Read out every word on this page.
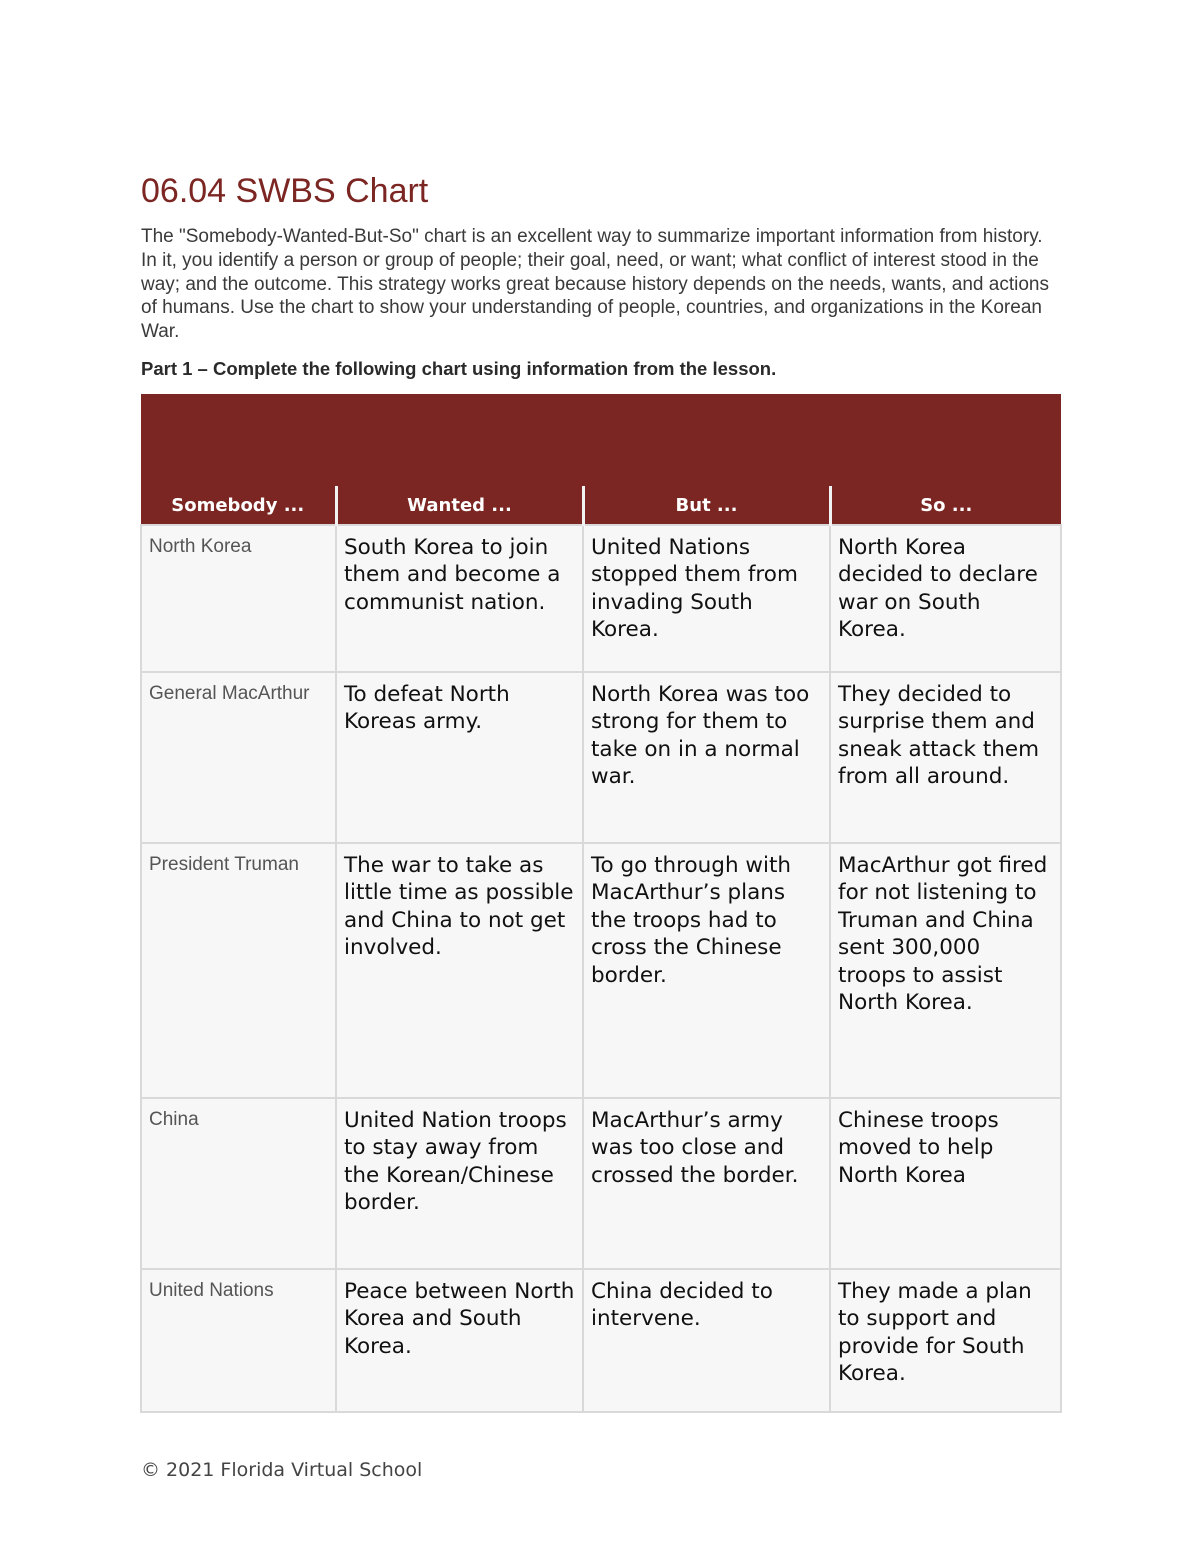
06.04 SWBS Chart

The "Somebody-Wanted-But-So" chart is an excellent way to summarize important information from history. In it, you identify a person or group of people; their goal, need, or want; what conflict of interest stood in the way; and the outcome. This strategy works great because history depends on the needs, wants, and actions of humans. Use the chart to show your understanding of people, countries, and organizations in the Korean War.

Part 1 – Complete the following chart using information from the lesson.

Somebody ...	Wanted ...	But ...	So ...
North Korea	South Korea to join them and become a communist nation.	United Nations stopped them from invading South Korea.	North Korea decided to declare war on South Korea.
General MacArthur	To defeat North Koreas army.	North Korea was too strong for them to take on in a normal war.	They decided to surprise them and sneak attack them from all around.
President Truman	The war to take as little time as possible and China to not get involved.	To go through with MacArthur’s plans the troops had to cross the Chinese border.	MacArthur got fired for not listening to Truman and China sent 300,000 troops to assist North Korea.
China	United Nation troops to stay away from the Korean/Chinese border.	MacArthur’s army was too close and crossed the border.	Chinese troops moved to help North Korea
United Nations	Peace between North Korea and South Korea.	China decided to intervene.	They made a plan to support and provide for South Korea.

© 2021 Florida Virtual School
